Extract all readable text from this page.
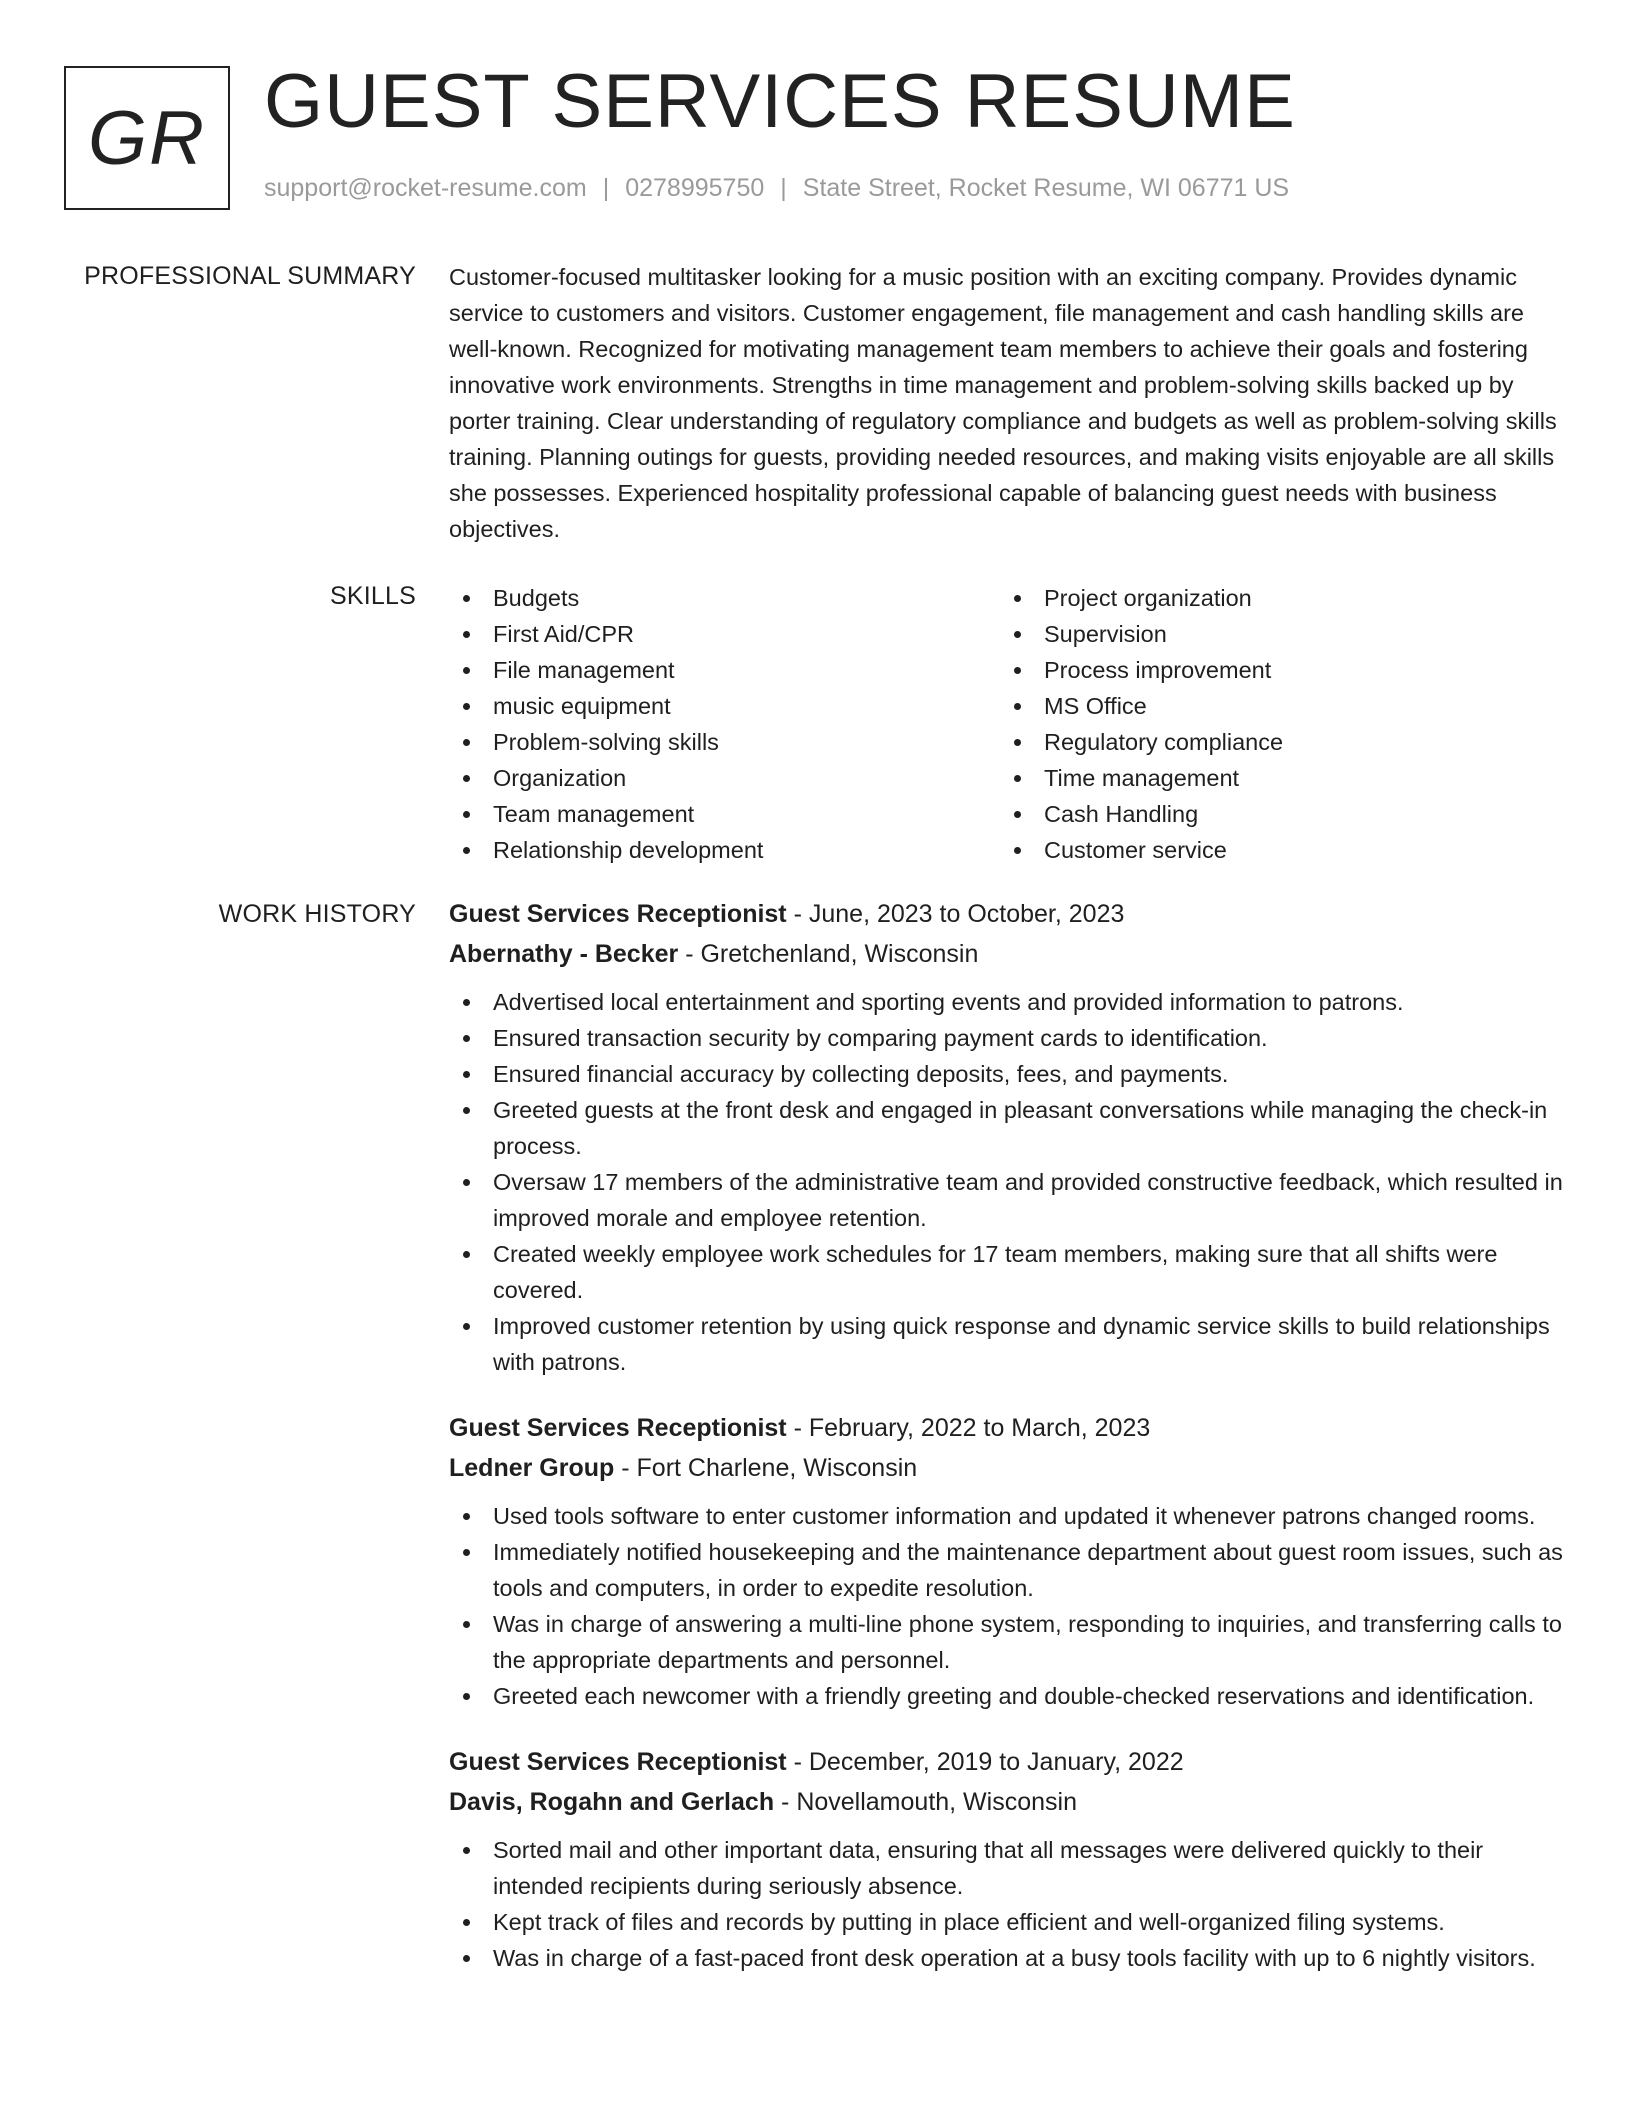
GR GUEST SERVICES RESUME
support@rocket-resume.com | 0278995750 | State Street, Rocket Resume, WI 06771 US
PROFESSIONAL SUMMARY Customer-focused multitasker looking for a music position with an exciting company. Provides dynamic service to customers and visitors. Customer engagement, file management and cash handling skills are well-known. Recognized for motivating management team members to achieve their goals and fostering innovative work environments. Strengths in time management and problem-solving skills backed up by porter training. Clear understanding of regulatory compliance and budgets as well as problem-solving skills training. Planning outings for guests, providing needed resources, and making visits enjoyable are all skills she possesses. Experienced hospitality professional capable of balancing guest needs with business objectives.

SKILLS	Budgets
First Aid/CPR
File management
music equipment
Problem-solving skills
Organization
Team management
Relationship development
Project organization
Supervision
Process improvement
MS Office
Regulatory compliance
Time management
Cash Handling
Customer service
WORK HISTORY Guest Services Receptionist - June, 2023 to October, 2023
Abernathy - Becker - Gretchenland, Wisconsin
Advertised local entertainment and sporting events and provided information to patrons.
Ensured transaction security by comparing payment cards to identification.
Ensured financial accuracy by collecting deposits, fees, and payments.
Greeted guests at the front desk and engaged in pleasant conversations while managing the check-in process.
Oversaw 17 members of the administrative team and provided constructive feedback, which resulted in improved morale and employee retention.
Created weekly employee work schedules for 17 team members, making sure that all shifts were covered.
Improved customer retention by using quick response and dynamic service skills to build relationships with patrons.
Guest Services Receptionist - February, 2022 to March, 2023
Ledner Group - Fort Charlene, Wisconsin
Used tools software to enter customer information and updated it whenever patrons changed rooms.
Immediately notified housekeeping and the maintenance department about guest room issues, such as tools and computers, in order to expedite resolution.
Was in charge of answering a multi-line phone system, responding to inquiries, and transferring calls to the appropriate departments and personnel.
Greeted each newcomer with a friendly greeting and double-checked reservations and identification.
Guest Services Receptionist - December, 2019 to January, 2022
Davis, Rogahn and Gerlach - Novellamouth, Wisconsin
Sorted mail and other important data, ensuring that all messages were delivered quickly to their intended recipients during seriously absence.
Kept track of files and records by putting in place efficient and well-organized filing systems.
Was in charge of a fast-paced front desk operation at a busy tools facility with up to 6 nightly visitors.
